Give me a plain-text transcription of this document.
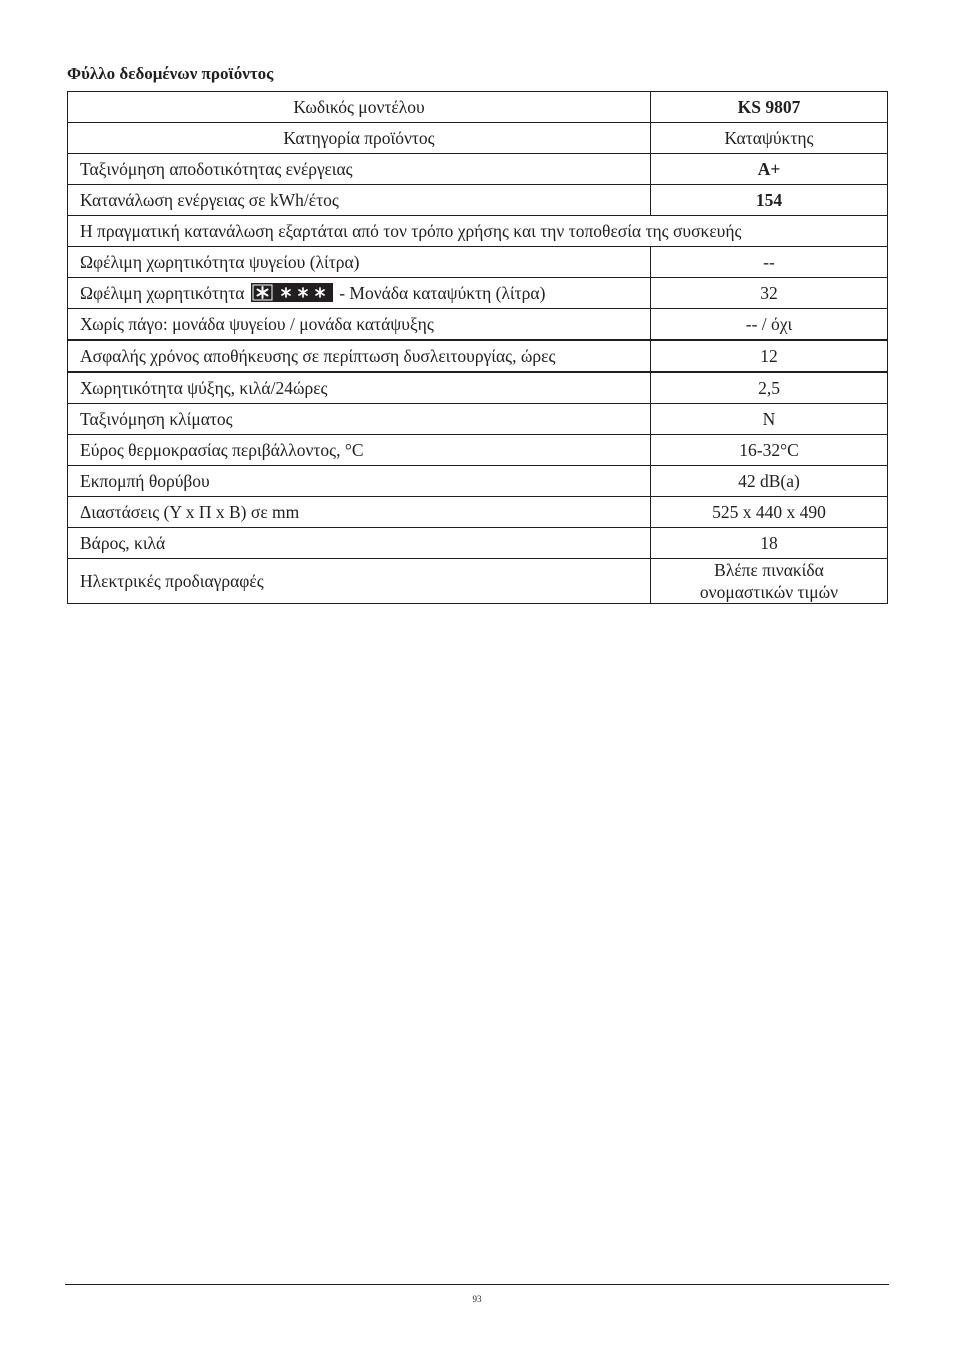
Φύλλο δεδομένων προϊόντος
Κωδικός μοντέλου	KS 9807
Κατηγορία προϊόντος	Καταψύκτης
Ταξινόμηση αποδοτικότητας ενέργειας	A+
Κατανάλωση ενέργειας σε kWh/έτος	154
Η πραγματική κατανάλωση εξαρτάται από τον τρόπο χρήσης και την τοποθεσία της συσκευής	
Ωφέλιμη χωρητικότητα ψυγείου (λίτρα)	--
Ωφέλιμη χωρητικότητα - Μονάδα καταψύκτη (λίτρα)	32
Χωρίς πάγο: μονάδα ψυγείου / μονάδα κατάψυξης	-- / όχι
Ασφαλής χρόνος αποθήκευσης σε περίπτωση δυσλειτουργίας, ώρες	12
Χωρητικότητα ψύξης, κιλά/24ώρες	2,5
Ταξινόμηση κλίματος	N
Εύρος θερμοκρασίας περιβάλλοντος, °C	16-32°C
Εκπομπή θορύβου	42 dB(a)
Διαστάσεις (Υ x Π x Β) σε mm	525 x 440 x 490
Βάρος, κιλά	18
Ηλεκτρικές προδιαγραφές	Βλέπε πινακίδα
ονομαστικών τιμών
93
